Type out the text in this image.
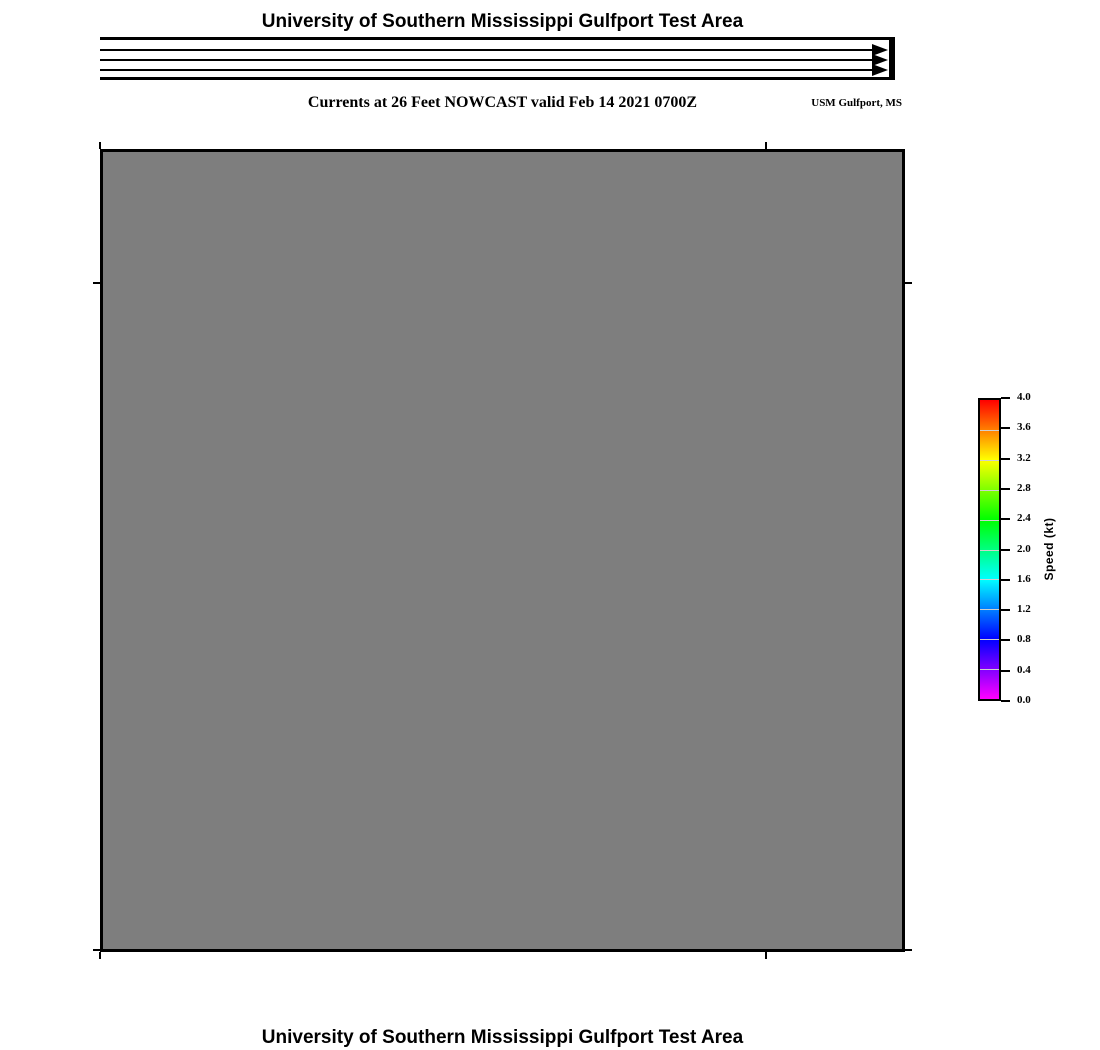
University of Southern Mississippi Gulfport Test Area
Currents at 26 Feet NOWCAST valid Feb 14 2021 0700Z	USM Gulfport, MS
4.0
3.6
3.2
2.8
2.4
2.0
1.6
1.2
0.8
0.4
0.0
Speed (kt)
University of Southern Mississippi Gulfport Test Area
